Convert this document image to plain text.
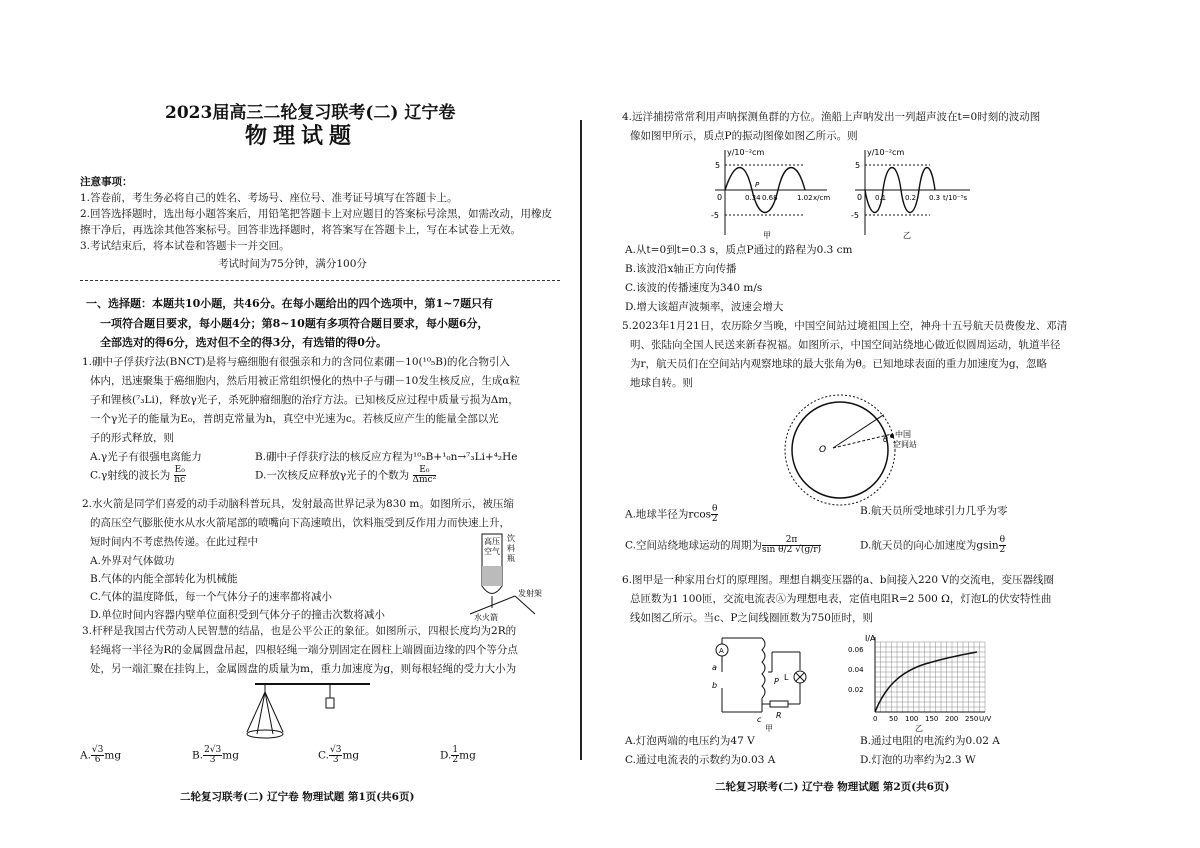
2023届高三二轮复习联考(二) 辽宁卷
物理试题
注意事项：
1.答卷前，考生务必将自己的姓名、考场号、座位号、准考证号填写在答题卡上。
2.回答选择题时，选出每小题答案后，用铅笔把答题卡上对应题目的答案标号涂黑，如需改动，用橡皮
擦干净后，再选涂其他答案标号。回答非选择题时，将答案写在答题卡上，写在本试卷上无效。
3.考试结束后，将本试卷和答题卡一并交回。
考试时间为75分钟，满分100分
一、选择题：本题共10小题，共46分。在每小题给出的四个选项中，第1~7题只有
一项符合题目要求，每小题4分；第8~10题有多项符合题目要求，每小题6分，
全部选对的得6分，选对但不全的得3分，有选错的得0分。
1.硼中子俘获疗法(BNCT)是将与癌细胞有很强亲和力的含同位素硼－10(¹⁰₅B)的化合物引入
体内，迅速聚集于癌细胞内，然后用被正常组织慢化的热中子与硼－10发生核反应，生成α粒
子和锂核(⁷₃Li)，释放γ光子，杀死肿瘤细胞的治疗方法。已知核反应过程中质量亏损为Δm，
一个γ光子的能量为E₀，普朗克常量为h，真空中光速为c。若核反应产生的能量全部以光
子的形式释放，则
A.γ光子有很强电离能力	B.硼中子俘获疗法的核反应方程为¹⁰₅B+¹₀n→⁷₃Li+⁴₂He
C.γ射线的波长为 $\frac{\text{E₀}}{hc}$	D.一次核反应释放γ光子的个数为 $\frac{\text{E₀}}{\text{Δmc²}}$
2.水火箭是同学们喜爱的动手动脑科普玩具，发射最高世界记录为830 m。如图所示，被压缩
的高压空气膨胀使水从水火箭尾部的喷嘴向下高速喷出，饮料瓶受到反作用力而快速上升，
短时间内不考虑热传递。在此过程中
A.外界对气体做功
B.气体的内能全部转化为机械能
C.气体的温度降低，每一个气体分子的速率都将减小
D.单位时间内容器内壁单位面积受到气体分子的撞击次数将减小
高压
空气
饮
料
瓶
发射架
水火箭
3.杆秤是我国古代劳动人民智慧的结晶，也是公平公正的象征。如图所示，四根长度均为2R的
轻绳将一半径为R的金属圆盘吊起，四根轻绳一端分别固定在圆柱上端圆面边缘的四个等分点
处，另一端汇聚在挂钩上，金属圆盘的质量为m，重力加速度为g，则每根轻绳的受力大小为
A. $\frac{√3}{6}$ mg	B. $\frac{2√3}{3}$ mg	C. $\frac{√3}{3}$ mg	D. $\frac{1}{2}$ mg
二轮复习联考(二) 辽宁卷 物理试题 第1页(共6页)
4.远洋捕捞常常利用声呐探测鱼群的方位。渔船上声呐发出一列超声波在t=0时刻的波动图
像如图甲所示，质点P的振动图像如图乙所示。则
y/10⁻²cm
5
-5
0	0.34 0.68	1.02 x/cm
P
甲
y/10⁻²cm
5
-5
0 0.1	0.2 0.3 t/10⁻⁵s
乙
A.从t=0到t=0.3 s，质点P通过的路程为0.3 cm
B.该波沿x轴正方向传播
C.该波的传播速度为340 m/s
D.增大该超声波频率，波速会增大
5.2023年1月21日，农历除夕当晚，中国空间站过境祖国上空，神舟十五号航天员费俊龙、邓清
明、张陆向全国人民送来新春祝福。如图所示，中国空间站绕地心做近似圆周运动，轨道半径
为r，航天员们在空间站内观察地球的最大张角为θ。已知地球表面的重力加速度为g，忽略
地球自转。则
O
θ
中国
空间站
A.地球半径为rcos $\frac{\theta}{2}$	B.航天员所受地球引力几乎为零
C.空间站绕地球运动的周期为 $\frac{2\pi}{\text{sin θ/2 √(g/r)}}$	D.航天员的向心加速度为gsin $\frac{\theta}{2}$
6.图甲是一种家用台灯的原理图。理想自耦变压器的a、b间接入220 V的交流电，变压器线圈
总匝数为1 100匝，交流电流表Ⓐ为理想电表，定值电阻R=2 500 Ω，灯泡L的伏安特性曲
线如图乙所示。当c、P之间线圈匝数为750匝时，则
A
a
b	P
c R
L
甲
I/A
0.06
0.04
0.02
0 50 100 150 200 250 U/V
乙
A.灯泡两端的电压约为47 V	B.通过电阻的电流约为0.02 A
C.通过电流表的示数约为0.03 A	D.灯泡的功率约为2.3 W
二轮复习联考(二) 辽宁卷 物理试题 第2页(共6页)
